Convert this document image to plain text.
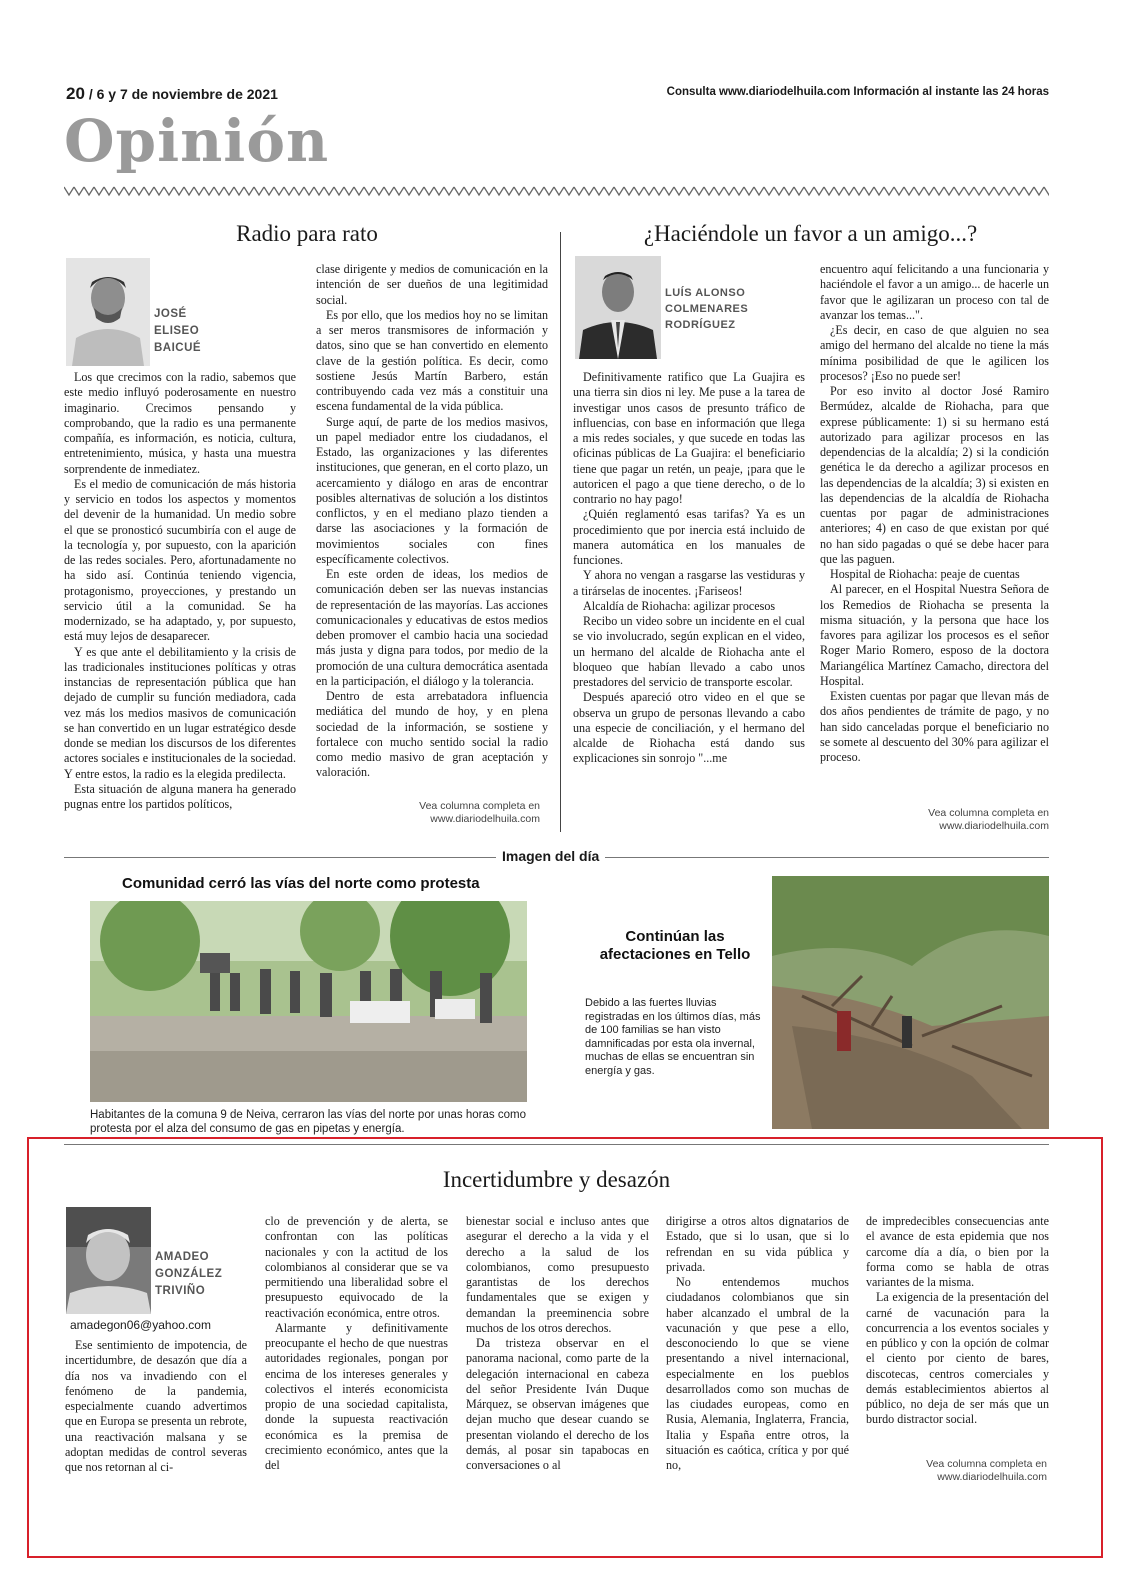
20 / 6 y 7 de noviembre de 2021	Consulta www.diariodelhuila.com Información al instante las 24 horas
Opinión
Radio para rato
JOSÉ
ELISEO
BAICUÉ

Los que crecimos con la radio, sabemos que este medio influyó poderosamente en nuestro imaginario. Crecimos pensando y comprobando, que la radio es una permanente compañía, es información, es noticia, cultura, entretenimiento, música, y hasta una muestra sorprendente de inmediatez.

Es el medio de comunicación de más historia y servicio en todos los aspectos y momentos del devenir de la humanidad. Un medio sobre el que se pronosticó sucumbiría con el auge de la tecnología y, por supuesto, con la aparición de las redes sociales. Pero, afortunadamente no ha sido así. Continúa teniendo vigencia, protagonismo, proyecciones, y prestando un servicio útil a la comunidad. Se ha modernizado, se ha adaptado, y, por supuesto, está muy lejos de desaparecer.

Y es que ante el debilitamiento y la crisis de las tradicionales instituciones políticas y otras instancias de representación pública que han dejado de cumplir su función mediadora, cada vez más los medios masivos de comunicación se han convertido en un lugar estratégico desde donde se median los discursos de los diferentes actores sociales e institucionales de la sociedad. Y entre estos, la radio es la elegida predilecta.

Esta situación de alguna manera ha generado pugnas entre los partidos políticos,

clase dirigente y medios de comunicación en la intención de ser dueños de una legitimidad social.

Es por ello, que los medios hoy no se limitan a ser meros transmisores de información y datos, sino que se han convertido en elemento clave de la gestión política. Es decir, como sostiene Jesús Martín Barbero, están contribuyendo cada vez más a constituir una escena fundamental de la vida pública.

Surge aquí, de parte de los medios masivos, un papel mediador entre los ciudadanos, el Estado, las organizaciones y las diferentes instituciones, que generan, en el corto plazo, un acercamiento y diálogo en aras de encontrar posibles alternativas de solución a los distintos conflictos, y en el mediano plazo tienden a darse las asociaciones y la formación de movimientos sociales con fines específicamente colectivos.

En este orden de ideas, los medios de comunicación deben ser las nuevas instancias de representación de las mayorías. Las acciones comunicacionales y educativas de estos medios deben promover el cambio hacia una sociedad más justa y digna para todos, por medio de la promoción de una cultura democrática asentada en la participación, el diálogo y la tolerancia.

Dentro de esta arrebatadora influencia mediática del mundo de hoy, y en plena sociedad de la información, se sostiene y fortalece con mucho sentido social la radio como medio masivo de gran aceptación y valoración.

Vea columna completa en
www.diariodelhuila.com
¿Haciéndole un favor a un amigo...?
LUÍS ALONSO
COLMENARES
RODRÍGUEZ

Definitivamente ratifico que La Guajira es una tierra sin dios ni ley. Me puse a la tarea de investigar unos casos de presunto tráfico de influencias, con base en información que llega a mis redes sociales, y que sucede en todas las oficinas públicas de La Guajira: el beneficiario tiene que pagar un retén, un peaje, ¡para que le autoricen el pago a que tiene derecho, o de lo contrario no hay pago!

¿Quién reglamentó esas tarifas? Ya es un procedimiento que por inercia está incluido de manera automática en los manuales de funciones.

Y ahora no vengan a rasgarse las vestiduras y a tirárselas de inocentes. ¡Fariseos!

Alcaldía de Riohacha: agilizar procesos

Recibo un video sobre un incidente en el cual se vio involucrado, según explican en el video, un hermano del alcalde de Riohacha ante el bloqueo que habían llevado a cabo unos prestadores del servicio de transporte escolar.

Después apareció otro video en el que se observa un grupo de personas llevando a cabo una especie de conciliación, y el hermano del alcalde de Riohacha está dando sus explicaciones sin sonrojo "...me

encuentro aquí felicitando a una funcionaria y haciéndole el favor a un amigo... de hacerle un favor que le agilizaran un proceso con tal de avanzar los temas...".

¿Es decir, en caso de que alguien no sea amigo del hermano del alcalde no tiene la más mínima posibilidad de que le agilicen los procesos? ¡Eso no puede ser!

Por eso invito al doctor José Ramiro Bermúdez, alcalde de Riohacha, para que exprese públicamente: 1) si su hermano está autorizado para agilizar procesos en las dependencias de la alcaldía; 2) si la condición genética le da derecho a agilizar procesos en las dependencias de la alcaldía; 3) si existen en las dependencias de la alcaldía de Riohacha cuentas por pagar de administraciones anteriores; 4) en caso de que existan por qué no han sido pagadas o qué se debe hacer para que las paguen.

Hospital de Riohacha: peaje de cuentas

Al parecer, en el Hospital Nuestra Señora de los Remedios de Riohacha se presenta la misma situación, y la persona que hace los favores para agilizar los procesos es el señor Roger Mario Romero, esposo de la doctora Mariangélica Martínez Camacho, directora del Hospital.

Existen cuentas por pagar que llevan más de dos años pendientes de trámite de pago, y no han sido canceladas porque el beneficiario no se somete al descuento del 30% para agilizar el proceso.

Vea columna completa en
www.diariodelhuila.com
Imagen del día
Comunidad cerró las vías del norte como protesta
Habitantes de la comuna 9 de Neiva, cerraron las vías del norte por unas horas como protesta por el alza del consumo de gas en pipetas y energía.
Continúan las afectaciones en Tello
Debido a las fuertes lluvias registradas en los últimos días, más de 100 familias se han visto damnificadas por esta ola invernal, muchas de ellas se encuentran sin energía y gas.
Incertidumbre y desazón
AMADEO
GONZÁLEZ
TRIVIÑO
amadegon06@yahoo.com

Ese sentimiento de impotencia, de incertidumbre, de desazón que día a día nos va invadiendo con el fenómeno de la pandemia, especialmente cuando advertimos que en Europa se presenta un rebrote, una reactivación malsana y se adoptan medidas de control severas que nos retornan al ci-

clo de prevención y de alerta, se confrontan con las políticas nacionales y con la actitud de los colombianos al considerar que se va permitiendo una liberalidad sobre el presupuesto equivocado de la reactivación económica, entre otros.

Alarmante y definitivamente preocupante el hecho de que nuestras autoridades regionales, pongan por encima de los intereses generales y colectivos el interés economicista propio de una sociedad capitalista, donde la supuesta reactivación económica es la premisa de crecimiento económico, antes que la del

bienestar social e incluso antes que asegurar el derecho a la vida y el derecho a la salud de los colombianos, como presupuesto garantistas de los derechos fundamentales que se exigen y demandan la preeminencia sobre muchos de los otros derechos.

Da tristeza observar en el panorama nacional, como parte de la delegación internacional en cabeza del señor Presidente Iván Duque Márquez, se observan imágenes que dejan mucho que desear cuando se presentan violando el derecho de los demás, al posar sin tapabocas en conversaciones o al

dirigirse a otros altos dignatarios de Estado, que si lo usan, que si lo refrendan en su vida pública y privada.

No entendemos muchos ciudadanos colombianos que sin haber alcanzado el umbral de la vacunación y que pese a ello, desconociendo lo que se viene presentando a nivel internacional, especialmente en los pueblos desarrollados como son muchas de las ciudades europeas, como en Rusia, Alemania, Inglaterra, Francia, Italia y España entre otros, la situación es caótica, crítica y por qué no,

de impredecibles consecuencias ante el avance de esta epidemia que nos carcome día a día, o bien por la forma como se habla de otras variantes de la misma.

La exigencia de la presentación del carné de vacunación para la concurrencia a los eventos sociales y en público y con la opción de colmar el ciento por ciento de bares, discotecas, centros comerciales y demás establecimientos abiertos al público, no deja de ser más que un burdo distractor social.

Vea columna completa en
www.diariodelhuila.com
